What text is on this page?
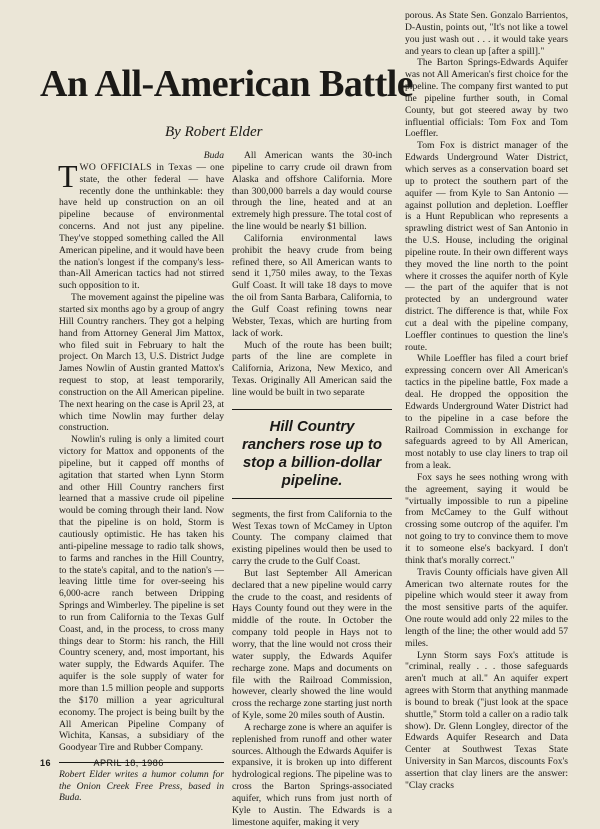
An All-American Battle

By Robert Elder

Buda

TWO OFFICIALS in Texas — one state, the other federal — have recently done the unthinkable: they have held up construction on an oil pipeline because of environmental concerns. And not just any pipeline. They've stopped something called the All American pipeline, and it would have been the nation's longest if the company's less-than-All American tactics had not stirred such opposition to it.

The movement against the pipeline was started six months ago by a group of angry Hill Country ranchers. They got a helping hand from Attorney General Jim Mattox, who filed suit in February to halt the project. On March 13, U.S. District Judge James Nowlin of Austin granted Mattox's request to stop, at least temporarily, construction on the All American pipeline. The next hearing on the case is April 23, at which time Nowlin may further delay construction.

Nowlin's ruling is only a limited court victory for Mattox and opponents of the pipeline, but it capped off months of agitation that started when Lynn Storm and other Hill Country ranchers first learned that a massive crude oil pipeline would be coming through their land. Now that the pipeline is on hold, Storm is cautiously optimistic. He has taken his anti-pipeline message to radio talk shows, to farms and ranches in the Hill Country, to the state's capital, and to the nation's — leaving little time for over-seeing his 6,000-acre ranch between Dripping Springs and Wimberley. The pipeline is set to run from California to the Texas Gulf Coast, and, in the process, to cross many things dear to Storm: his ranch, the Hill Country scenery, and, most important, his water supply, the Edwards Aquifer. The aquifer is the sole supply of water for more than 1.5 million people and supports the $170 million a year agricultural economy. The project is being built by the All American Pipeline Company of Wichita, Kansas, a subsidiary of the Goodyear Tire and Rubber Company.

Robert Elder writes a humor column for the Onion Creek Free Press, based in Buda.

All American wants the 30-inch pipeline to carry crude oil drawn from Alaska and offshore California. More than 300,000 barrels a day would course through the line, heated and at an extremely high pressure. The total cost of the line would be nearly $1 billion.

California environmental laws prohibit the heavy crude from being refined there, so All American wants to send it 1,750 miles away, to the Texas Gulf Coast. It will take 18 days to move the oil from Santa Barbara, California, to the Gulf Coast refining towns near Webster, Texas, which are hurting from lack of work.

Much of the route has been built; parts of the line are complete in California, Arizona, New Mexico, and Texas. Originally All American said the line would be built in two separate

Hill Country ranchers rose up to stop a billion-dollar pipeline.

segments, the first from California to the West Texas town of McCamey in Upton County. The company claimed that existing pipelines would then be used to carry the crude to the Gulf Coast.

But last September All American declared that a new pipeline would carry the crude to the coast, and residents of Hays County found out they were in the middle of the route. In October the company told people in Hays not to worry, that the line would not cross their water supply, the Edwards Aquifer recharge zone. Maps and documents on file with the Railroad Commission, however, clearly showed the line would cross the recharge zone starting just north of Kyle, some 20 miles south of Austin.

A recharge zone is where an aquifer is replenished from runoff and other water sources. Although the Edwards Aquifer is expansive, it is broken up into different hydrological regions. The pipeline was to cross the Barton Springs-associated aquifer, which runs from just north of Kyle to Austin. The Edwards is a limestone aquifer, making it very

porous. As State Sen. Gonzalo Barrientos, D-Austin, points out, "It's not like a towel you just wash out . . . it would take years and years to clean up [after a spill]."

The Barton Springs-Edwards Aquifer was not All American's first choice for the pipeline. The company first wanted to put the pipeline further south, in Comal County, but got steered away by two influential officials: Tom Fox and Tom Loeffler.

Tom Fox is district manager of the Edwards Underground Water District, which serves as a conservation board set up to protect the southern part of the aquifer — from Kyle to San Antonio — against pollution and depletion. Loeffler is a Hunt Republican who represents a sprawling district west of San Antonio in the U.S. House, including the original pipeline route. In their own different ways they moved the line north to the point where it crosses the aquifer north of Kyle — the part of the aquifer that is not protected by an underground water district. The difference is that, while Fox cut a deal with the pipeline company, Loeffler continues to question the line's route.

While Loeffler has filed a court brief expressing concern over All American's tactics in the pipeline battle, Fox made a deal. He dropped the opposition the Edwards Underground Water District had to the pipeline in a case before the Railroad Commission in exchange for safeguards agreed to by All American, most notably to use clay liners to trap oil from a leak.

Fox says he sees nothing wrong with the agreement, saying it would be "virtually impossible to run a pipeline from McCamey to the Gulf without crossing some outcrop of the aquifer. I'm not going to try to convince them to move it to someone else's backyard. I don't think that's morally correct."

Travis County officials have given All American two alternate routes for the pipeline which would steer it away from the most sensitive parts of the aquifer. One route would add only 22 miles to the length of the line; the other would add 57 miles.

Lynn Storm says Fox's attitude is "criminal, really . . . those safeguards aren't much at all." An aquifer expert agrees with Storm that anything manmade is bound to break ("just look at the space shuttle," Storm told a caller on a radio talk show). Dr. Glenn Longley, director of the Edwards Aquifer Research and Data Center at Southwest Texas State University in San Marcos, discounts Fox's assertion that clay liners are the answer: "Clay cracks

16	APRIL 18, 1986
